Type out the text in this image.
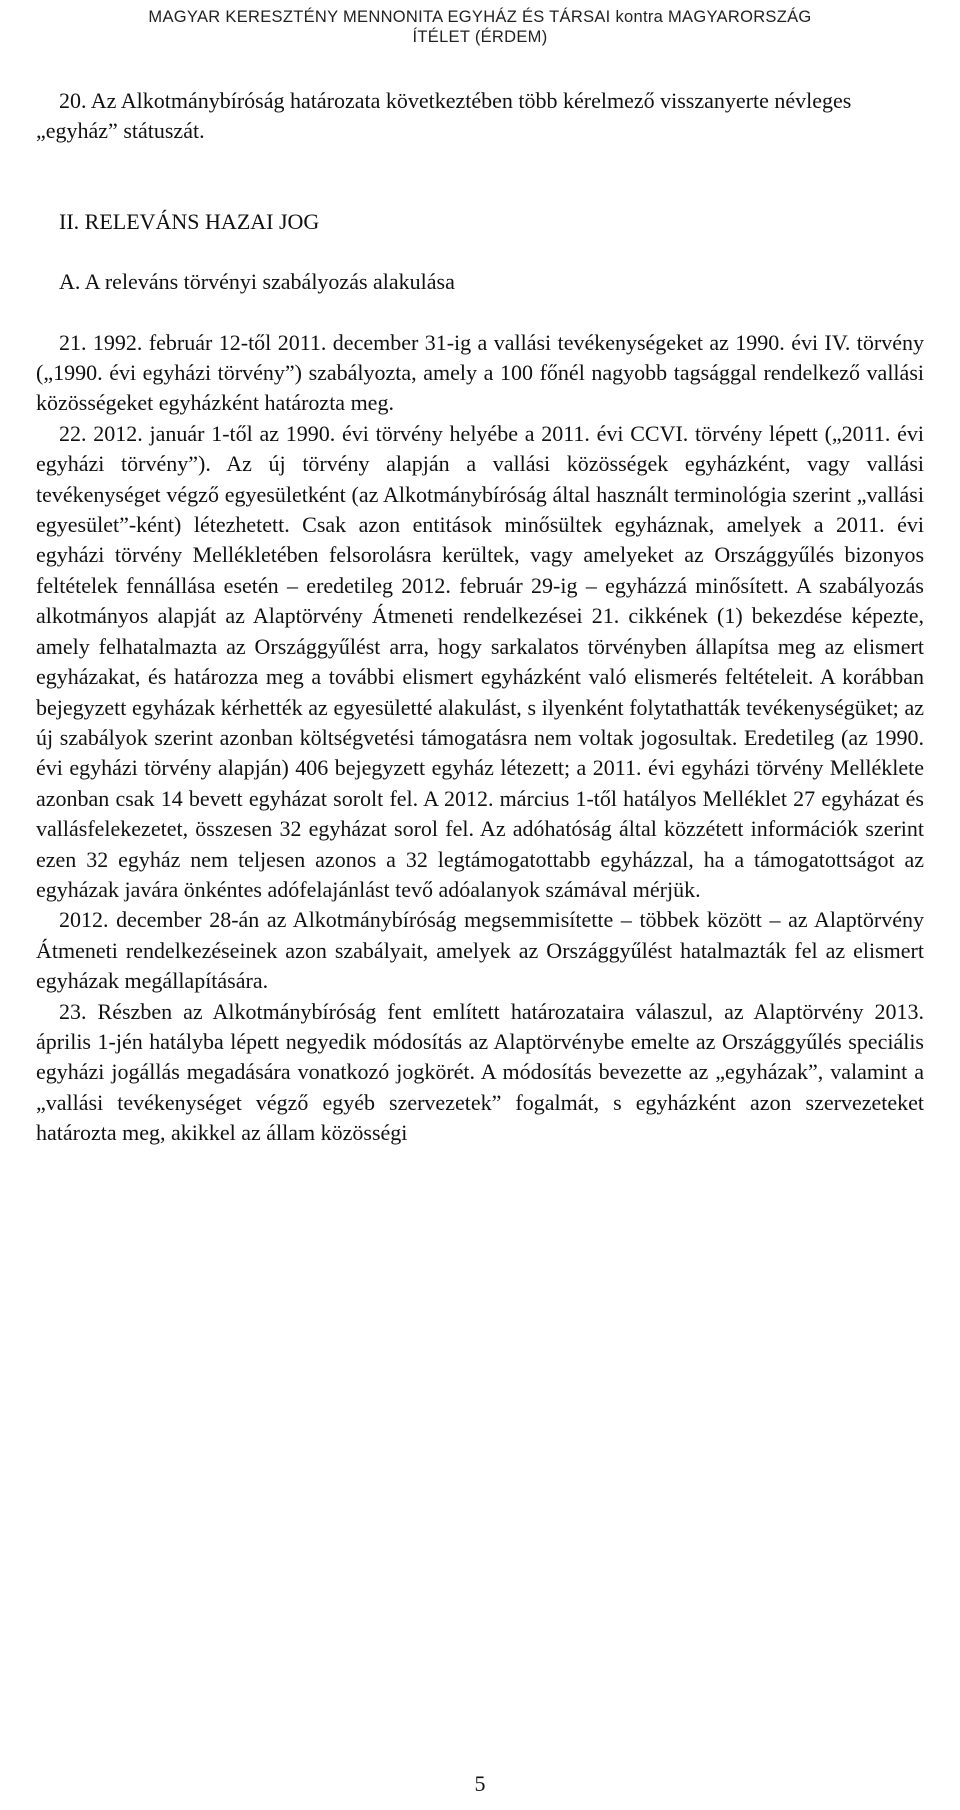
MAGYAR KERESZTÉNY MENNONITA EGYHÁZ ÉS TÁRSAI kontra MAGYARORSZÁG
ÍTÉLET (ÉRDEM)

20. Az Alkotmánybíróság határozata következtében több kérelmező visszanyerte névleges „egyház” státuszát.

II. RELEVÁNS HAZAI JOG

A. A releváns törvényi szabályozás alakulása

21. 1992. február 12-től 2011. december 31-ig a vallási tevékenységeket az 1990. évi IV. törvény („1990. évi egyházi törvény”) szabályozta, amely a 100 főnél nagyobb tagsággal rendelkező vallási közösségeket egyházként határozta meg.

22. 2012. január 1-től az 1990. évi törvény helyébe a 2011. évi CCVI. törvény lépett („2011. évi egyházi törvény”). Az új törvény alapján a vallási közösségek egyházként, vagy vallási tevékenységet végző egyesületként (az Alkotmánybíróság által használt terminológia szerint „vallási egyesület”-ként) létezhetett. Csak azon entitások minősültek egyháznak, amelyek a 2011. évi egyházi törvény Mellékletében felsorolásra kerültek, vagy amelyeket az Országgyűlés bizonyos feltételek fennállása esetén – eredetileg 2012. február 29-ig – egyházzá minősített. A szabályozás alkotmányos alapját az Alaptörvény Átmeneti rendelkezései 21. cikkének (1) bekezdése képezte, amely felhatalmazta az Országgyűlést arra, hogy sarkalatos törvényben állapítsa meg az elismert egyházakat, és határozza meg a további elismert egyházként való elismerés feltételeit. A korábban bejegyzett egyházak kérhették az egyesületté alakulást, s ilyenként folytathatták tevékenységüket; az új szabályok szerint azonban költségvetési támogatásra nem voltak jogosultak. Eredetileg (az 1990. évi egyházi törvény alapján) 406 bejegyzett egyház létezett; a 2011. évi egyházi törvény Melléklete azonban csak 14 bevett egyházat sorolt fel. A 2012. március 1-től hatályos Melléklet 27 egyházat és vallásfelekezetet, összesen 32 egyházat sorol fel. Az adóhatóság által közzétett információk szerint ezen 32 egyház nem teljesen azonos a 32 legtámogatottabb egyházzal, ha a támogatottságot az egyházak javára önkéntes adófelajánlást tevő adóalanyok számával mérjük.

2012. december 28-án az Alkotmánybíróság megsemmisítette – többek között – az Alaptörvény Átmeneti rendelkezéseinek azon szabályait, amelyek az Országgyűlést hatalmazták fel az elismert egyházak megállapítására.

23. Részben az Alkotmánybíróság fent említett határozataira válaszul, az Alaptörvény 2013. április 1-jén hatályba lépett negyedik módosítás az Alaptörvénybe emelte az Országgyűlés speciális egyházi jogállás megadására vonatkozó jogkörét. A módosítás bevezette az „egyházak”, valamint a „vallási tevékenységet végző egyéb szervezetek” fogalmát, s egyházként azon szervezeteket határozta meg, akikkel az állam közösségi

5
